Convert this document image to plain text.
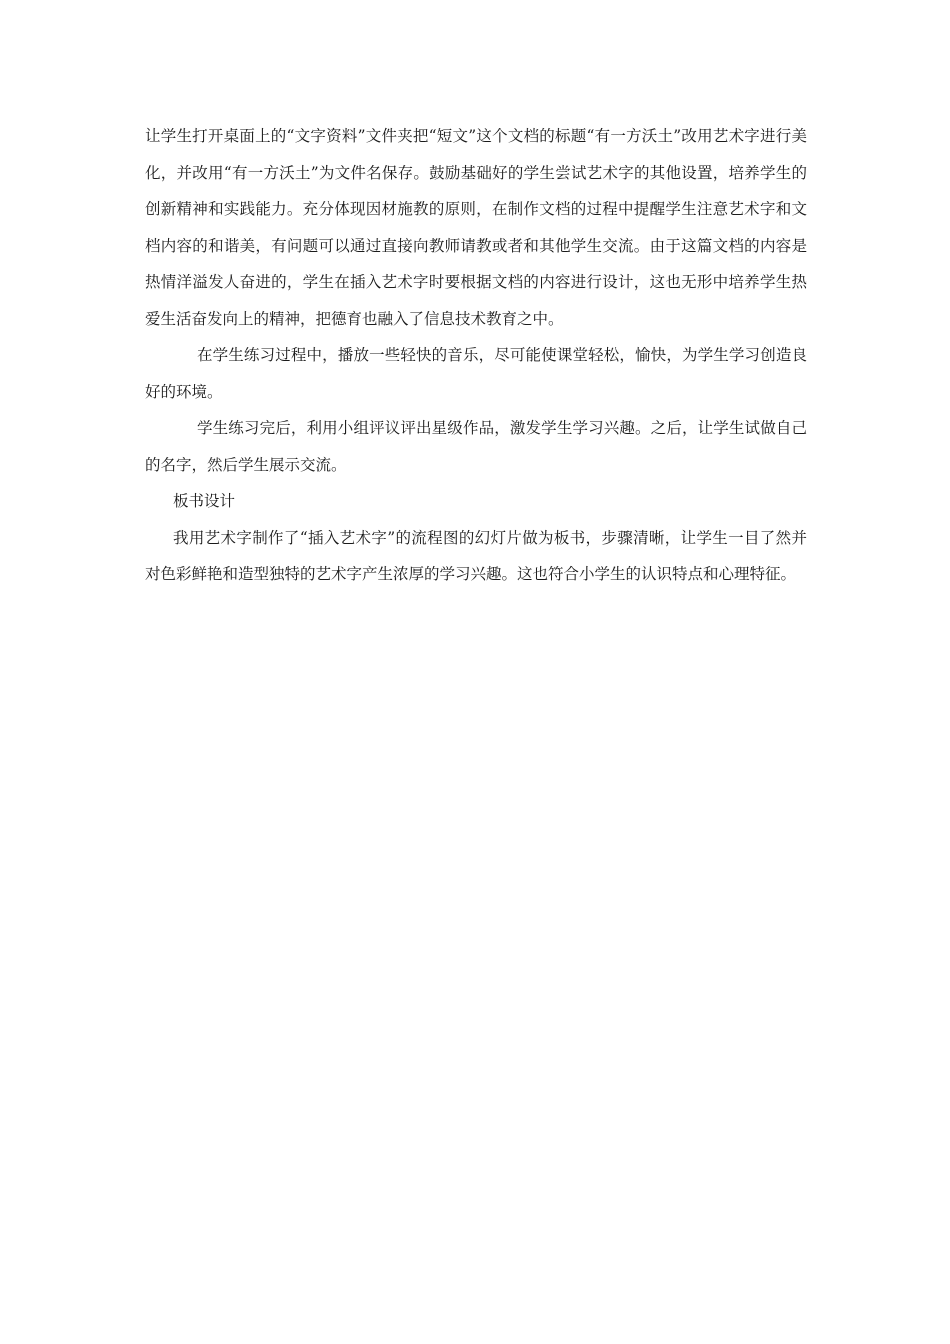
让学生打开桌面上的“文字资料”文件夹把“短文”这个文档的标题“有一方沃土”改用艺术字进行美化，并改用“有一方沃土”为文件名保存。鼓励基础好的学生尝试艺术字的其他设置，培养学生的创新精神和实践能力。充分体现因材施教的原则，在制作文档的过程中提醒学生注意艺术字和文档内容的和谐美，有问题可以通过直接向教师请教或者和其他学生交流。由于这篇文档的内容是热情洋溢发人奋进的，学生在插入艺术字时要根据文档的内容进行设计，这也无形中培养学生热爱生活奋发向上的精神，把德育也融入了信息技术教育之中。

在学生练习过程中，播放一些轻快的音乐，尽可能使课堂轻松，愉快，为学生学习创造良好的环境。

学生练习完后，利用小组评议评出星级作品，激发学生学习兴趣。之后，让学生试做自己的名字，然后学生展示交流。

板书设计

我用艺术字制作了“插入艺术字”的流程图的幻灯片做为板书，步骤清晰，让学生一目了然并对色彩鲜艳和造型独特的艺术字产生浓厚的学习兴趣。这也符合小学生的认识特点和心理特征。
